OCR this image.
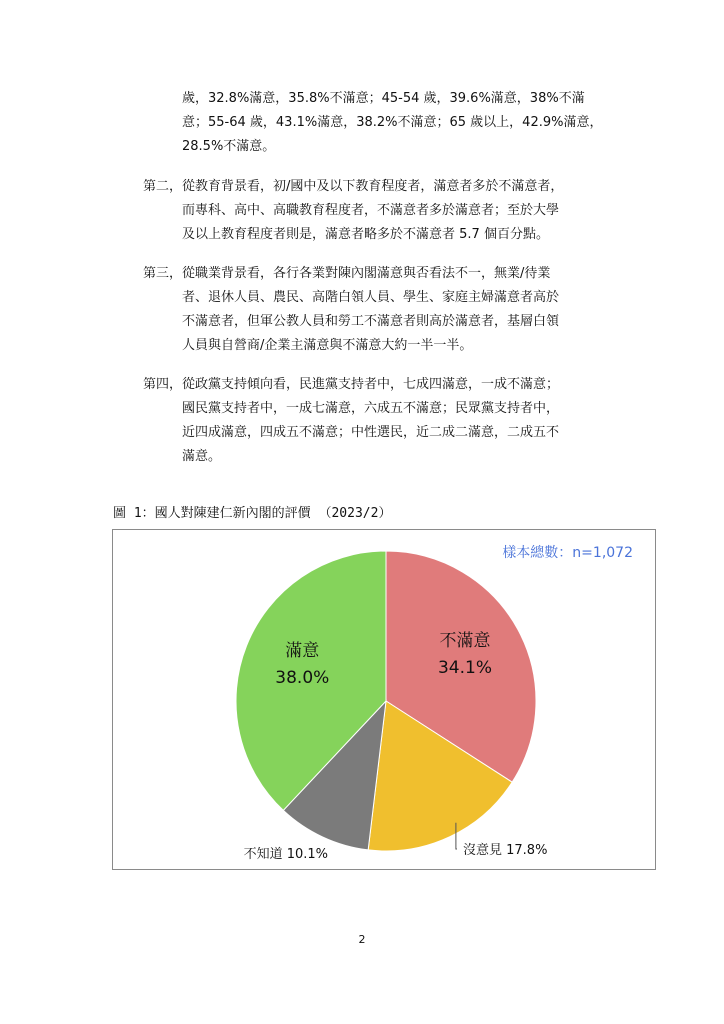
歲，32.8%滿意，35.8%不滿意；45-54 歲，39.6%滿意，38%不滿
意；55-64 歲，43.1%滿意，38.2%不滿意；65 歲以上，42.9%滿意，
28.5%不滿意。
第二，從教育背景看，初/國中及以下教育程度者，滿意者多於不滿意者，
而專科、高中、高職教育程度者，不滿意者多於滿意者；至於大學
及以上教育程度者則是，滿意者略多於不滿意者 5.7 個百分點。
第三，從職業背景看，各行各業對陳內閣滿意與否看法不一，無業/待業
者、退休人員、農民、高階白領人員、學生、家庭主婦滿意者高於
不滿意者，但軍公教人員和勞工不滿意者則高於滿意者，基層白領
人員與自營商/企業主滿意與不滿意大約一半一半。
第四，從政黨支持傾向看，民進黨支持者中，七成四滿意，一成不滿意；
國民黨支持者中，一成七滿意，六成五不滿意；民眾黨支持者中，
近四成滿意，四成五不滿意；中性選民，近二成二滿意，二成五不
滿意。
圖 1：國人對陳建仁新內閣的評價 （2023/2）
不滿意
34.1%
沒意見 17.8%
不知道 10.1%
滿意
38.0%
樣本總數：n=1,072
2
